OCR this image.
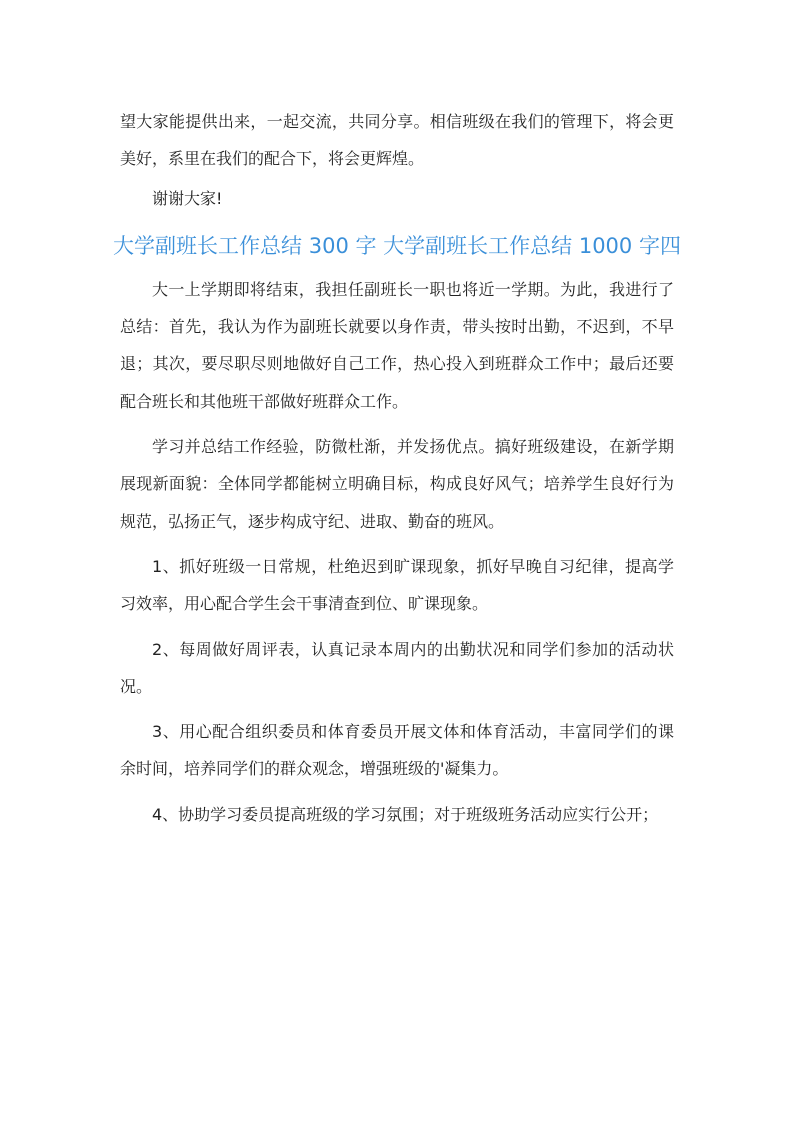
望大家能提供出来，一起交流，共同分享。相信班级在我们的管理下，将会更美好，系里在我们的配合下，将会更辉煌。

谢谢大家!

大学副班长工作总结 300 字 大学副班长工作总结 1000 字四

大一上学期即将结束，我担任副班长一职也将近一学期。为此，我进行了总结：首先，我认为作为副班长就要以身作责，带头按时出勤，不迟到，不早退；其次，要尽职尽则地做好自己工作，热心投入到班群众工作中；最后还要配合班长和其他班干部做好班群众工作。

学习并总结工作经验，防微杜渐，并发扬优点。搞好班级建设，在新学期展现新面貌：全体同学都能树立明确目标，构成良好风气；培养学生良好行为规范，弘扬正气，逐步构成守纪、进取、勤奋的班风。

1、抓好班级一日常规，杜绝迟到旷课现象，抓好早晚自习纪律，提高学习效率，用心配合学生会干事清查到位、旷课现象。

2、每周做好周评表，认真记录本周内的出勤状况和同学们参加的活动状况。

3、用心配合组织委员和体育委员开展文体和体育活动，丰富同学们的课余时间，培养同学们的群众观念，增强班级的'凝集力。

4、协助学习委员提高班级的学习氛围；对于班级班务活动应实行公开；
